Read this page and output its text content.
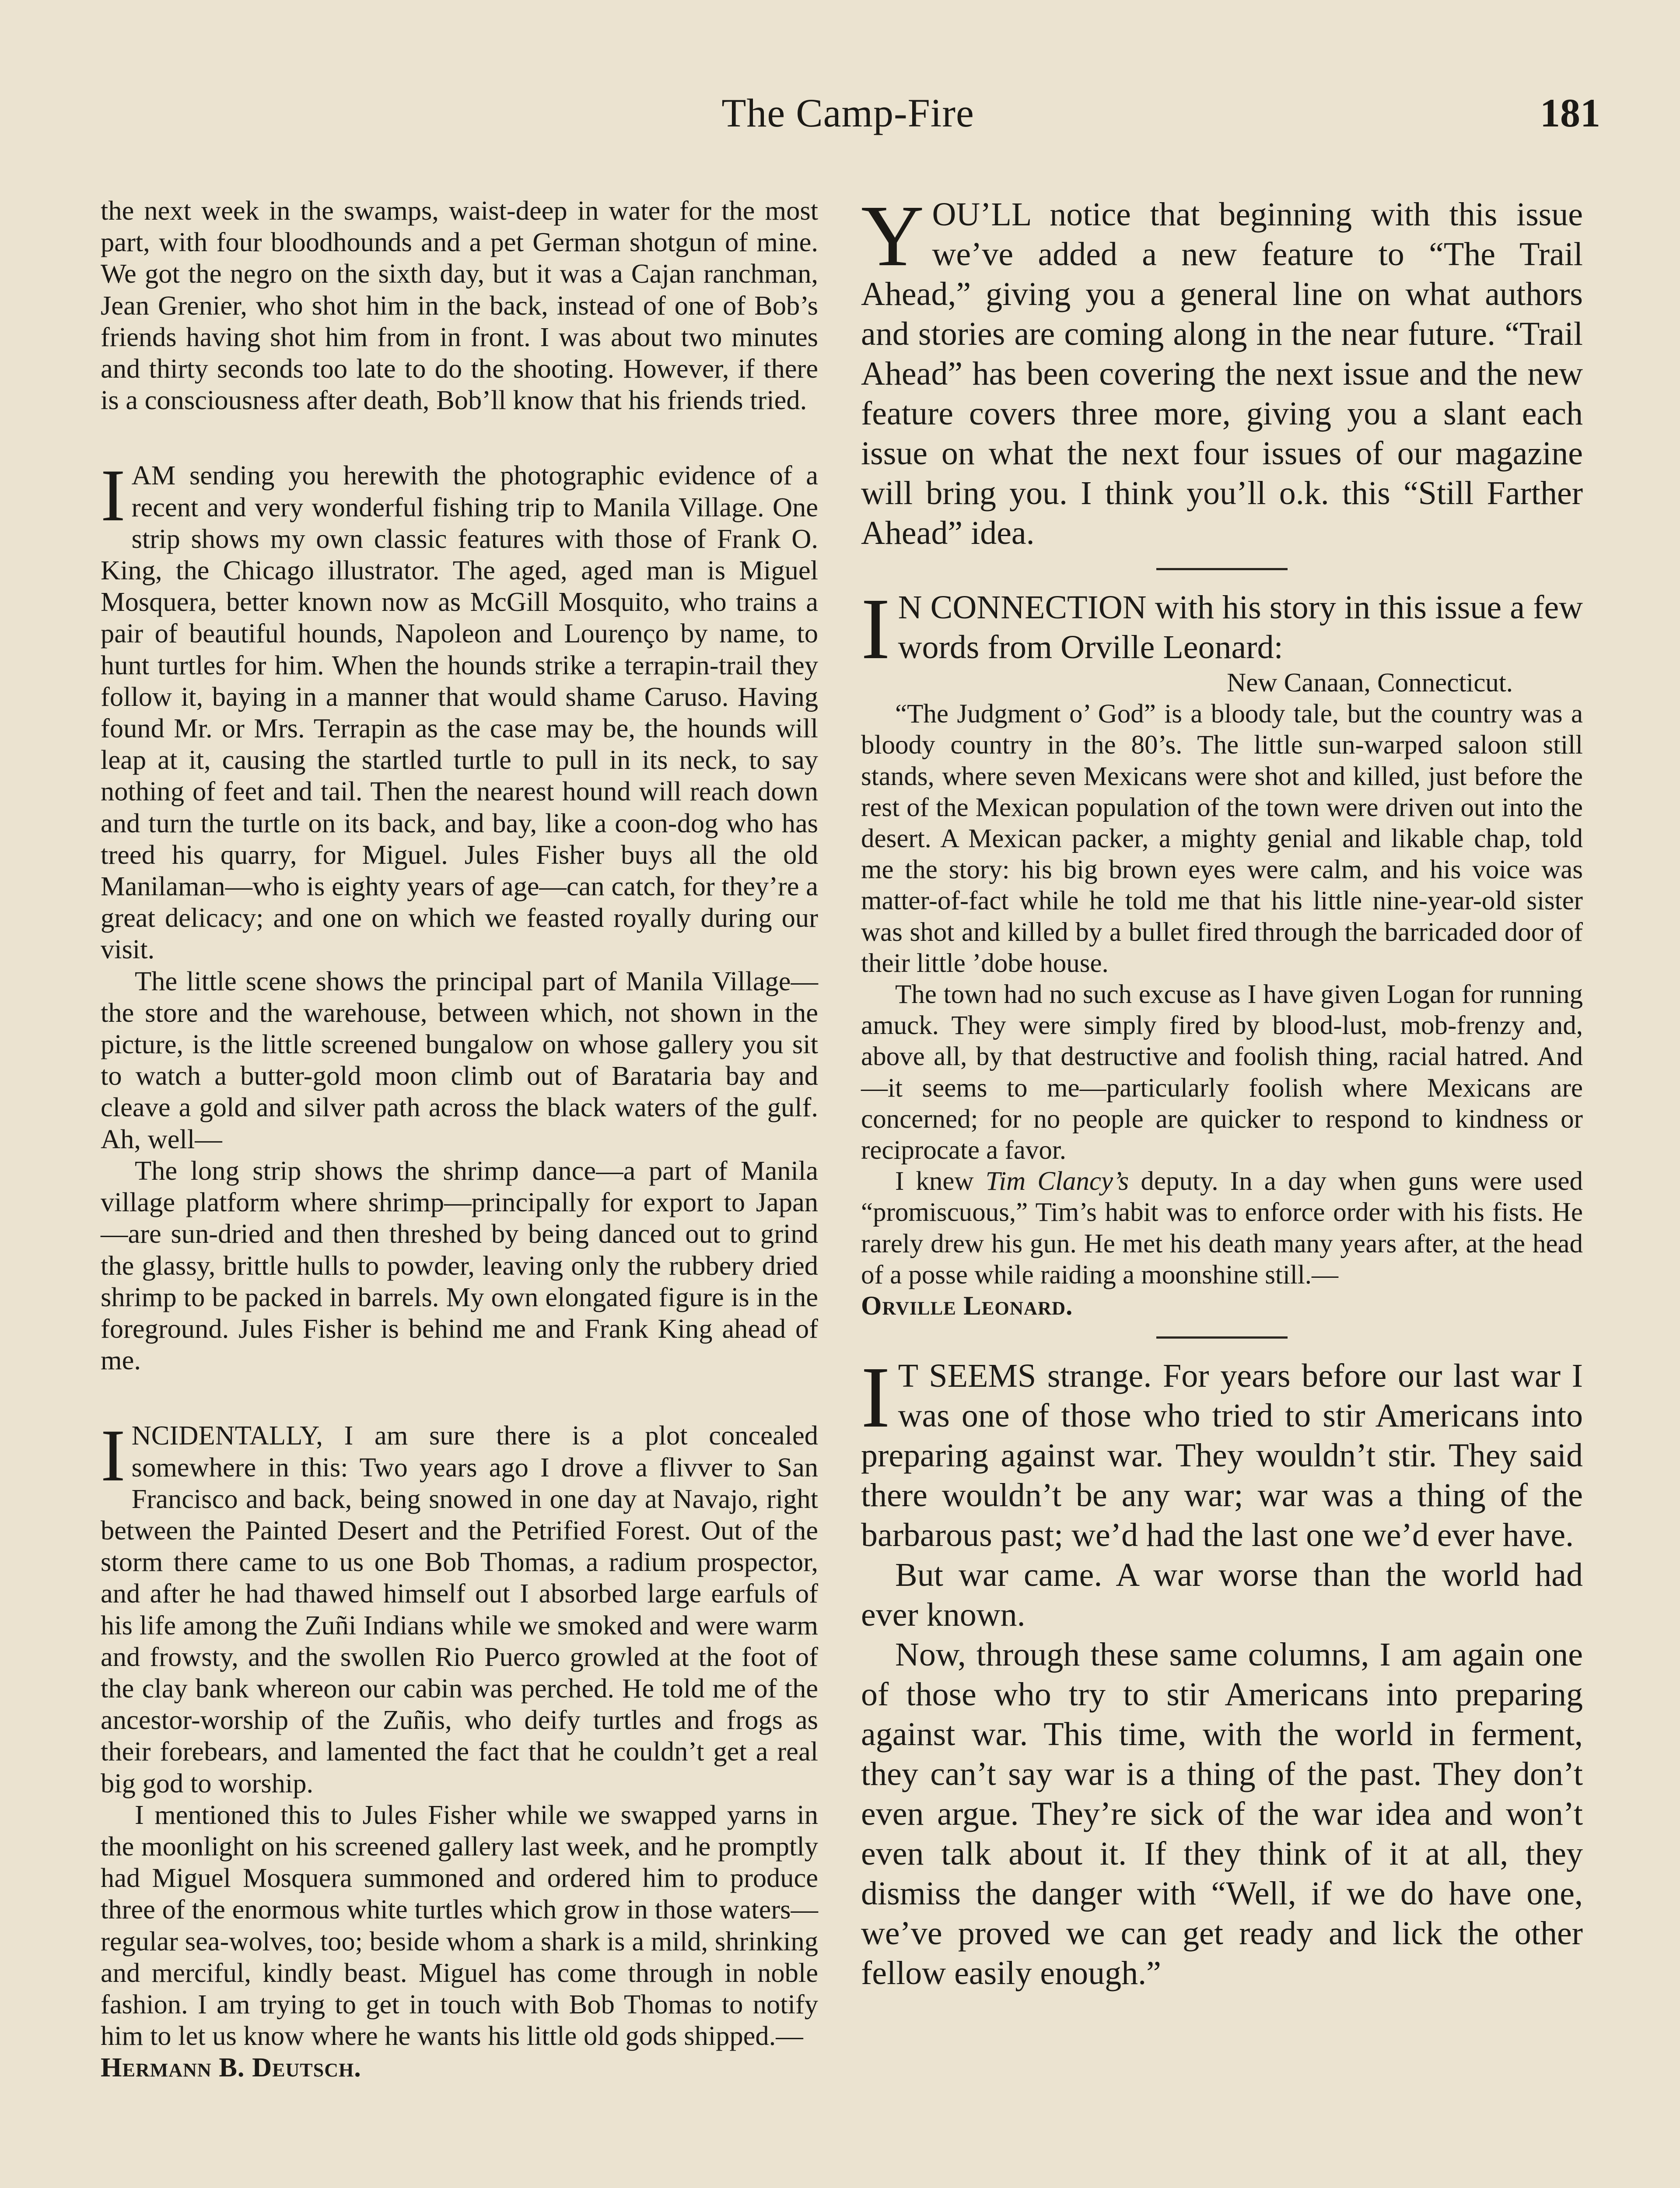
The Camp-Fire	181

the next week in the swamps, waist-deep in water for the most part, with four bloodhounds and a pet German shotgun of mine. We got the negro on the sixth day, but it was a Cajan ranchman, Jean Grenier, who shot him in the back, instead of one of Bob’s friends having shot him from in front. I was about two minutes and thirty seconds too late to do the shooting. However, if there is a consciousness after death, Bob’ll know that his friends tried.

IAM sending you herewith the photographic evidence of a recent and very wonderful fishing trip to Manila Village. One strip shows my own classic features with those of Frank O. King, the Chicago illustrator. The aged, aged man is Miguel Mosquera, better known now as McGill Mosquito, who trains a pair of beautiful hounds, Napoleon and Lourenço by name, to hunt turtles for him. When the hounds strike a terrapin-trail they follow it, baying in a manner that would shame Caruso. Having found Mr. or Mrs. Terrapin as the case may be, the hounds will leap at it, causing the startled turtle to pull in its neck, to say nothing of feet and tail. Then the nearest hound will reach down and turn the turtle on its back, and bay, like a coon-dog who has treed his quarry, for Miguel. Jules Fisher buys all the old Manilaman—who is eighty years of age—can catch, for they’re a great delicacy; and one on which we feasted royally during our visit.

The little scene shows the principal part of Manila Village—the store and the warehouse, between which, not shown in the picture, is the little screened bungalow on whose gallery you sit to watch a butter-gold moon climb out of Barataria bay and cleave a gold and silver path across the black waters of the gulf. Ah, well—

The long strip shows the shrimp dance—a part of Manila village platform where shrimp—principally for export to Japan—are sun-dried and then threshed by being danced out to grind the glassy, brittle hulls to powder, leaving only the rubbery dried shrimp to be packed in barrels. My own elongated figure is in the foreground. Jules Fisher is behind me and Frank King ahead of me.

INCIDENTALLY, I am sure there is a plot concealed somewhere in this: Two years ago I drove a flivver to San Francisco and back, being snowed in one day at Navajo, right between the Painted Desert and the Petrified Forest. Out of the storm there came to us one Bob Thomas, a radium prospector, and after he had thawed himself out I absorbed large earfuls of his life among the Zuñi Indians while we smoked and were warm and frowsty, and the swollen Rio Puerco growled at the foot of the clay bank whereon our cabin was perched. He told me of the ancestor-worship of the Zuñis, who deify turtles and frogs as their forebears, and lamented the fact that he couldn’t get a real big god to worship.

I mentioned this to Jules Fisher while we swapped yarns in the moonlight on his screened gallery last week, and he promptly had Miguel Mosquera summoned and ordered him to produce three of the enormous white turtles which grow in those waters—regular sea-wolves, too; beside whom a shark is a mild, shrinking and merciful, kindly beast. Miguel has come through in noble fashion. I am trying to get in touch with Bob Thomas to notify him to let us know where he wants his little old gods shipped.—
Hermann B. Deutsch.

YOU’LL notice that beginning with this issue we’ve added a new feature to “The Trail Ahead,” giving you a general line on what authors and stories are coming along in the near future. “Trail Ahead” has been covering the next issue and the new feature covers three more, giving you a slant each issue on what the next four issues of our magazine will bring you. I think you’ll o.k. this “Still Farther Ahead” idea.

I N CONNECTION with his story in this issue a few words from Orville Leonard:

New Canaan, Connecticut.

“The Judgment o’ God” is a bloody tale, but the country was a bloody country in the 80’s. The little sun-warped saloon still stands, where seven Mexicans were shot and killed, just before the rest of the Mexican population of the town were driven out into the desert. A Mexican packer, a mighty genial and likable chap, told me the story: his big brown eyes were calm, and his voice was matter-of-fact while he told me that his little nine-year-old sister was shot and killed by a bullet fired through the barricaded door of their little ’dobe house.

The town had no such excuse as I have given Logan for running amuck. They were simply fired by blood-lust, mob-frenzy and, above all, by that destructive and foolish thing, racial hatred. And—it seems to me—particularly foolish where Mexicans are concerned; for no people are quicker to respond to kindness or reciprocate a favor.

I knew Tim Clancy’s deputy. In a day when guns were used “promiscuous,” Tim’s habit was to enforce order with his fists. He rarely drew his gun. He met his death many years after, at the head of a posse while raiding a moonshine still.—
Orville Leonard.

I T SEEMS strange. For years before our last war I was one of those who tried to stir Americans into preparing against war. They wouldn’t stir. They said there wouldn’t be any war; war was a thing of the barbarous past; we’d had the last one we’d ever have.

But war came. A war worse than the world had ever known.

Now, through these same columns, I am again one of those who try to stir Americans into preparing against war. This time, with the world in ferment, they can’t say war is a thing of the past. They don’t even argue. They’re sick of the war idea and won’t even talk about it. If they think of it at all, they dismiss the danger with “Well, if we do have one, we’ve proved we can get ready and lick the other fellow easily enough.”
